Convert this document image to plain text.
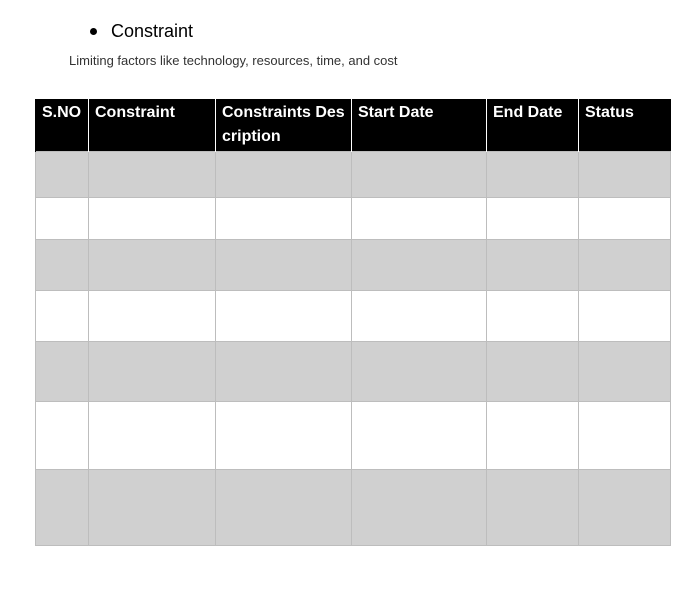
Constraint
Limiting factors like technology, resources, time, and cost
S.NO	Constraint	Constraints Description	Start Date	End Date	Status
